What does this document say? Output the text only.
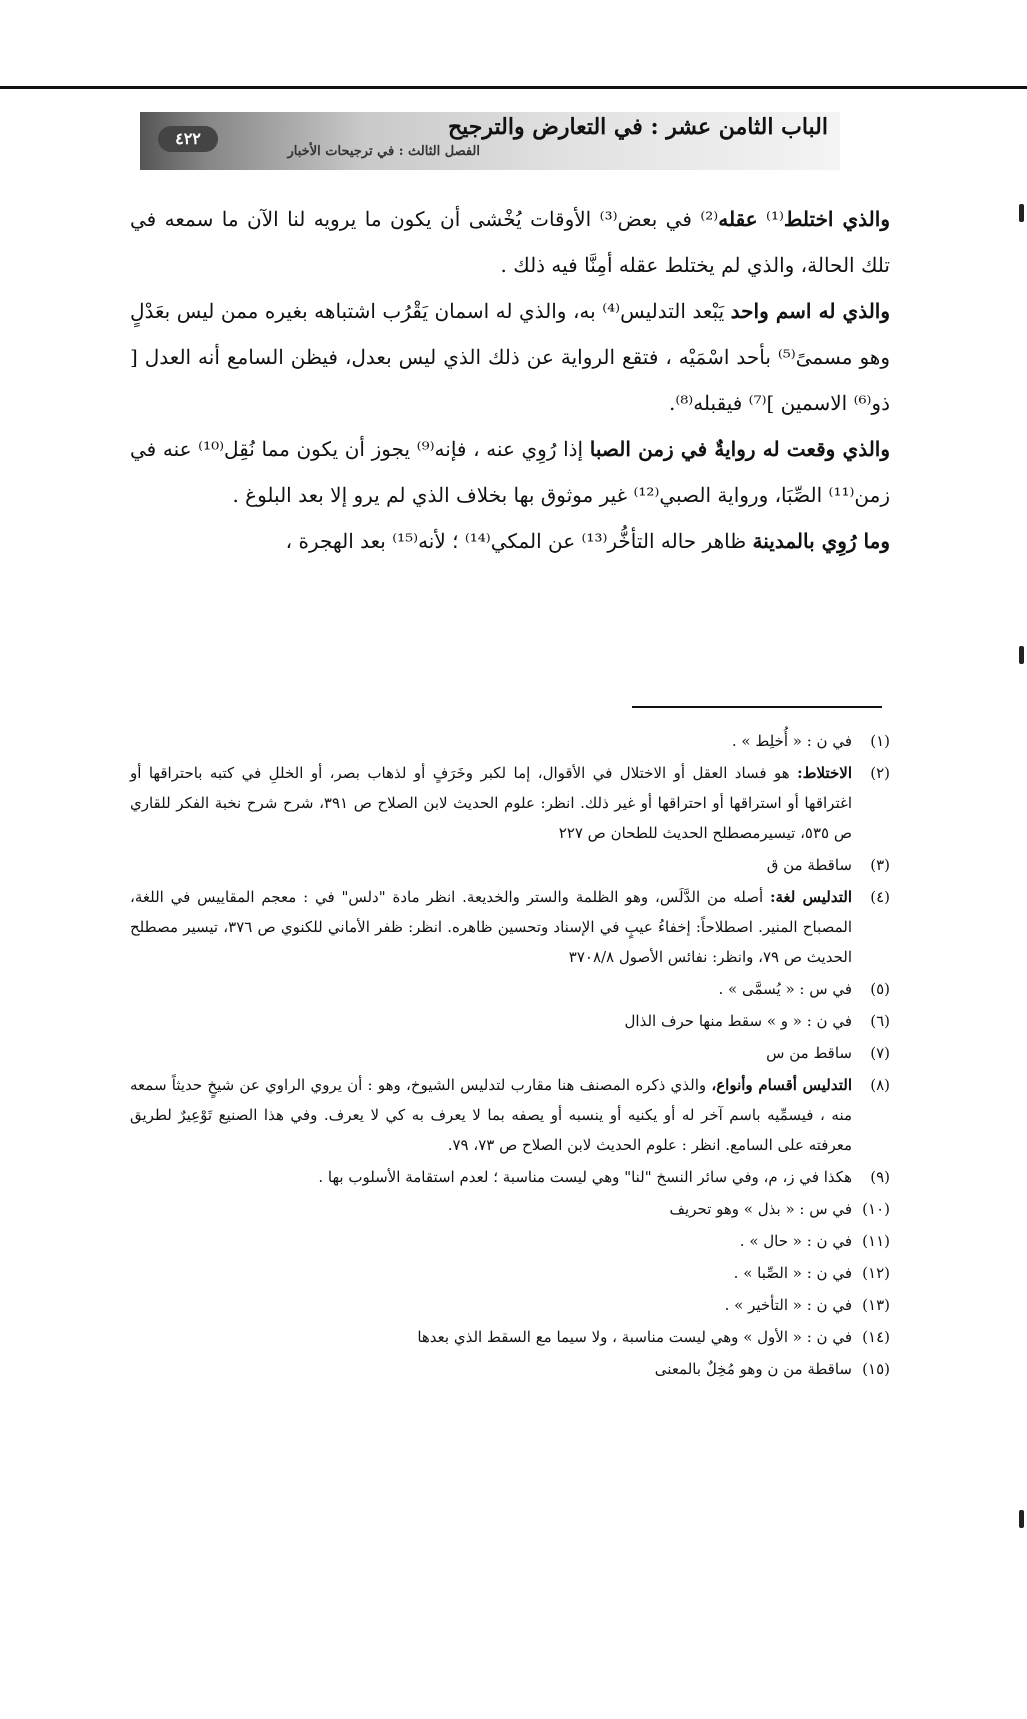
الباب الثامن عشر : في التعارض والترجيح
الفصل الثالث : في ترجيحات الأخبار
٤٢٢

والذي اختلط⁽¹⁾ عقله⁽²⁾ في بعض⁽³⁾ الأوقات يُخْشى أن يكون ما يرويه لنا الآن ما سمعه في تلك الحالة، والذي لم يختلط عقله أمِنَّا فيه ذلك .

والذي له اسم واحد يَبْعد التدليس⁽⁴⁾ به، والذي له اسمان يَقْرُب اشتباهه بغيره ممن ليس بعَدْلٍ وهو مسمىً⁽⁵⁾ بأحد اسْمَيْه ، فتقع الرواية عن ذلك الذي ليس بعدل، فيظن السامع أنه العدل [ ذو⁽⁶⁾ الاسمين ]⁽⁷⁾ فيقبله⁽⁸⁾.

والذي وقعت له روايةٌ في زمن الصبا إذا رُوِي عنه ، فإنه⁽⁹⁾ يجوز أن يكون مما نُقِل⁽¹⁰⁾ عنه في زمن⁽¹¹⁾ الصِّبَا، ورواية الصبي⁽¹²⁾ غير موثوق بها بخلاف الذي لم يرو إلا بعد البلوغ .

وما رُوِي بالمدينة ظاهر حاله التأخُّر⁽¹³⁾ عن المكي⁽¹⁴⁾ ؛ لأنه⁽¹⁵⁾ بعد الهجرة ،

(١)في ن : « أُخلِط » .

(٢)الاختلاط: هو فساد العقل أو الاختلال في الأقوال، إما لكبر وخَرَفٍ أو لذهاب بصر، أو الخللِ في كتبه باحتراقها أو اغتراقها أو استراقها أو احتراقها أو غير ذلك. انظر: علوم الحديث لابن الصلاح ص ٣٩١، شرح شرح نخبة الفكر للقاري ص ٥٣٥، تيسيرمصطلح الحديث للطحان ص ٢٢٧

(٣)ساقطة من ق

(٤)التدليس لغة: أصله من الدَّلَس، وهو الظلمة والستر والخديعة. انظر مادة "دلس" في : معجم المقاييس في اللغة، المصباح المنير. اصطلاحاً: إخفاءُ عيبٍ في الإسناد وتحسين ظاهره. انظر: ظفر الأماني للكنوي ص ٣٧٦، تيسير مصطلح الحديث ص ٧٩، وانظر: نفائس الأصول ٣٧٠٨/٨

(٥)في س : « يُسمَّى » .

(٦)في ن : « و » سقط منها حرف الذال

(٧)ساقط من س

(٨)التدليس أقسام وأنواع، والذي ذكره المصنف هنا مقارب لتدليس الشيوخ، وهو : أن يروي الراوي عن شيخٍ حديثاً سمعه منه ، فيسمِّيه باسم آخر له أو يكنيه أو ينسبه أو يصفه بما لا يعرف به كي لا يعرف. وفي هذا الصنيع تَوْعِيرٌ لطريق معرفته على السامع. انظر : علوم الحديث لابن الصلاح ص ٧٣، ٧٩.

(٩)هكذا في ز، م، وفي سائر النسخ "لنا" وهي ليست مناسبة ؛ لعدم استقامة الأسلوب بها .

(١٠)في س : « بذل » وهو تحريف

(١١)في ن : « حال » .

(١٢)في ن : « الصِّبا » .

(١٣)في ن : « التأخير » .

(١٤)في ن : « الأول » وهي ليست مناسبة ، ولا سيما مع السقط الذي بعدها

(١٥)ساقطة من ن وهو مُخِلٌ بالمعنى
